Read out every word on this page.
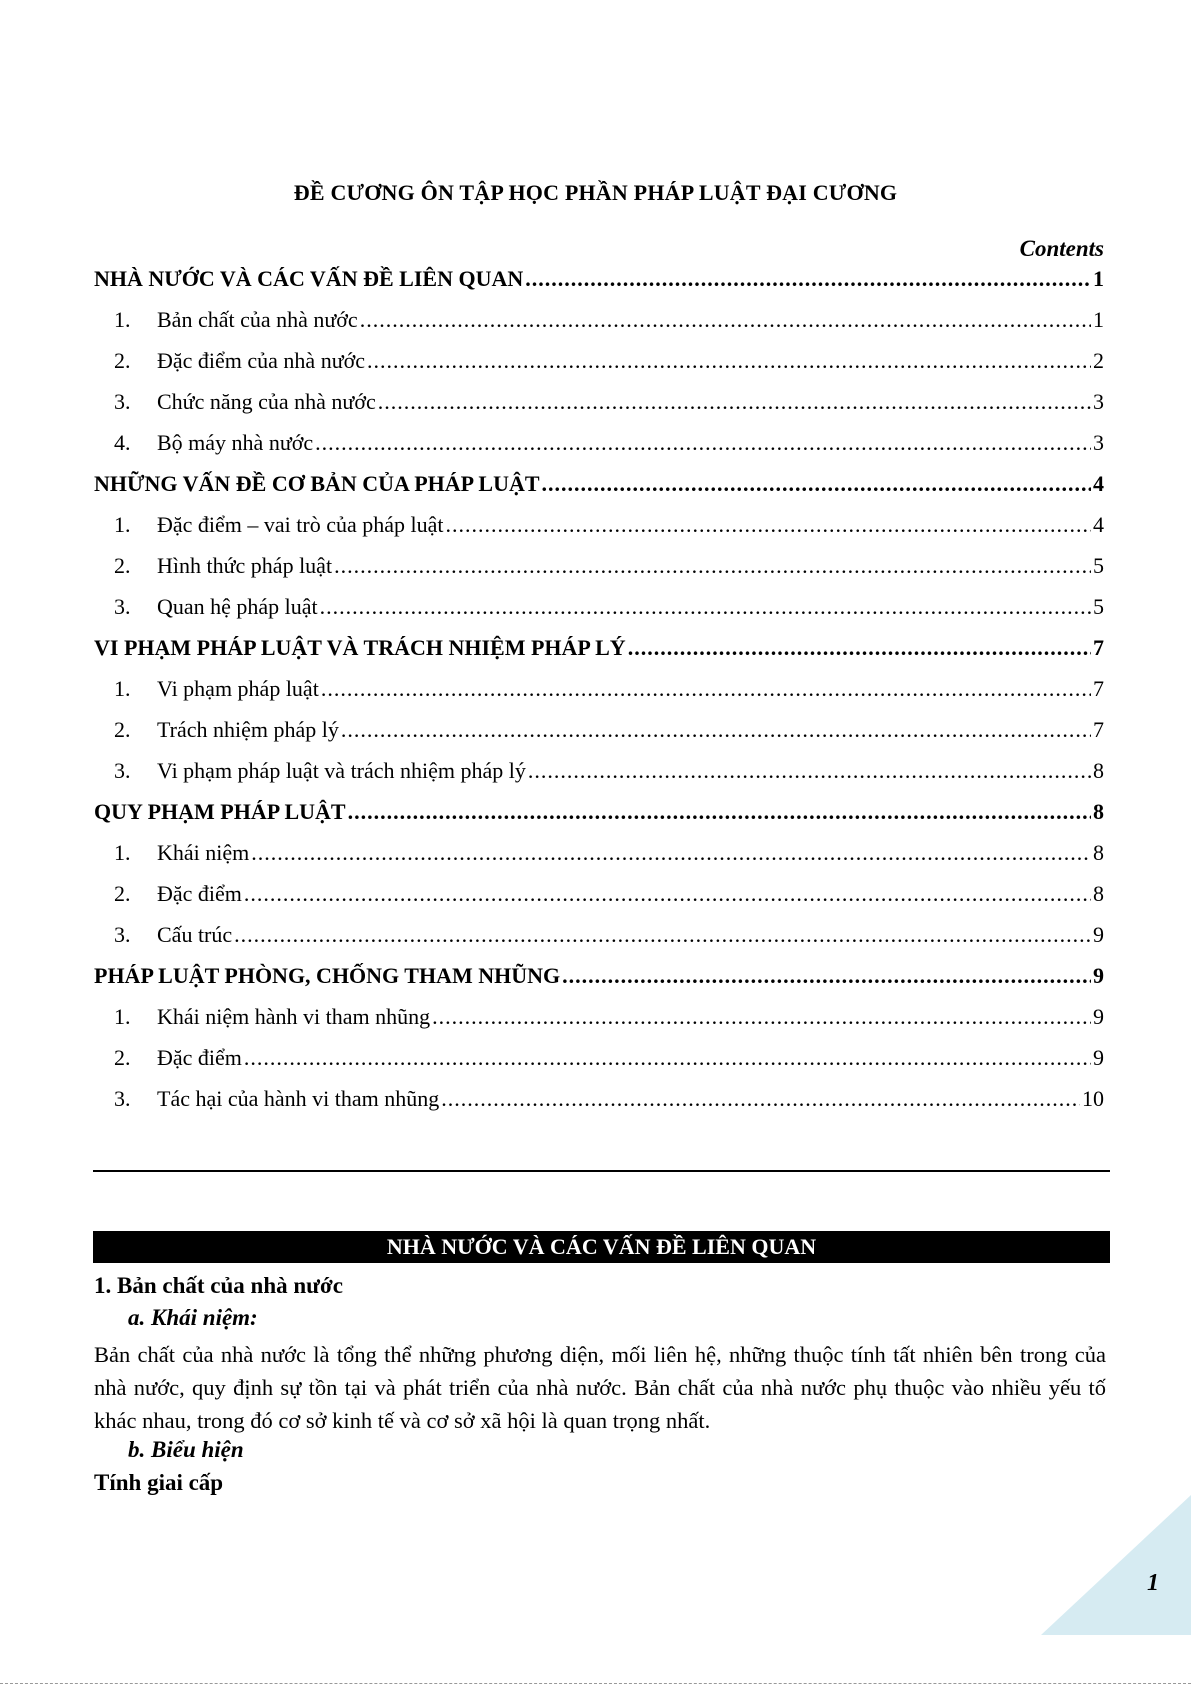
ĐỀ CƯƠNG ÔN TẬP HỌC PHẦN PHÁP LUẬT ĐẠI CƯƠNG
Contents
NHÀ NƯỚC VÀ CÁC VẤN ĐỀ LIÊN QUAN .....	1
1.	Bản chất của nhà nước .....	1
2.	Đặc điểm của nhà nước .....	2
3.	Chức năng của nhà nước .....	3
4.	Bộ máy nhà nước .....	3
NHỮNG VẤN ĐỀ CƠ BẢN CỦA PHÁP LUẬT .....	4
1.	Đặc điểm – vai trò của pháp luật .....	4
2.	Hình thức pháp luật .....	5
3.	Quan hệ pháp luật .....	5
VI PHẠM PHÁP LUẬT VÀ TRÁCH NHIỆM PHÁP LÝ .....	7
1.	Vi phạm pháp luật .....	7
2.	Trách nhiệm pháp lý .....	7
3.	Vi phạm pháp luật và trách nhiệm pháp lý .....	8
QUY PHẠM PHÁP LUẬT .....	8
1.	Khái niệm .....	8
2.	Đặc điểm .....	8
3.	Cấu trúc .....	9
PHÁP LUẬT PHÒNG, CHỐNG THAM NHŨNG .....	9
1.	Khái niệm hành vi tham nhũng .....	9
2.	Đặc điểm .....	9
3.	Tác hại của hành vi tham nhũng .....	10
NHÀ NƯỚC VÀ CÁC VẤN ĐỀ LIÊN QUAN
1. Bản chất của nhà nước
a. Khái niệm:
Bản chất của nhà nước là tổng thể những phương diện, mối liên hệ, những thuộc tính tất nhiên bên trong của nhà nước, quy định sự tồn tại và phát triển của nhà nước. Bản chất của nhà nước phụ thuộc vào nhiều yếu tố khác nhau, trong đó cơ sở kinh tế và cơ sở xã hội là quan trọng nhất.
b. Biểu hiện
Tính giai cấp
1
